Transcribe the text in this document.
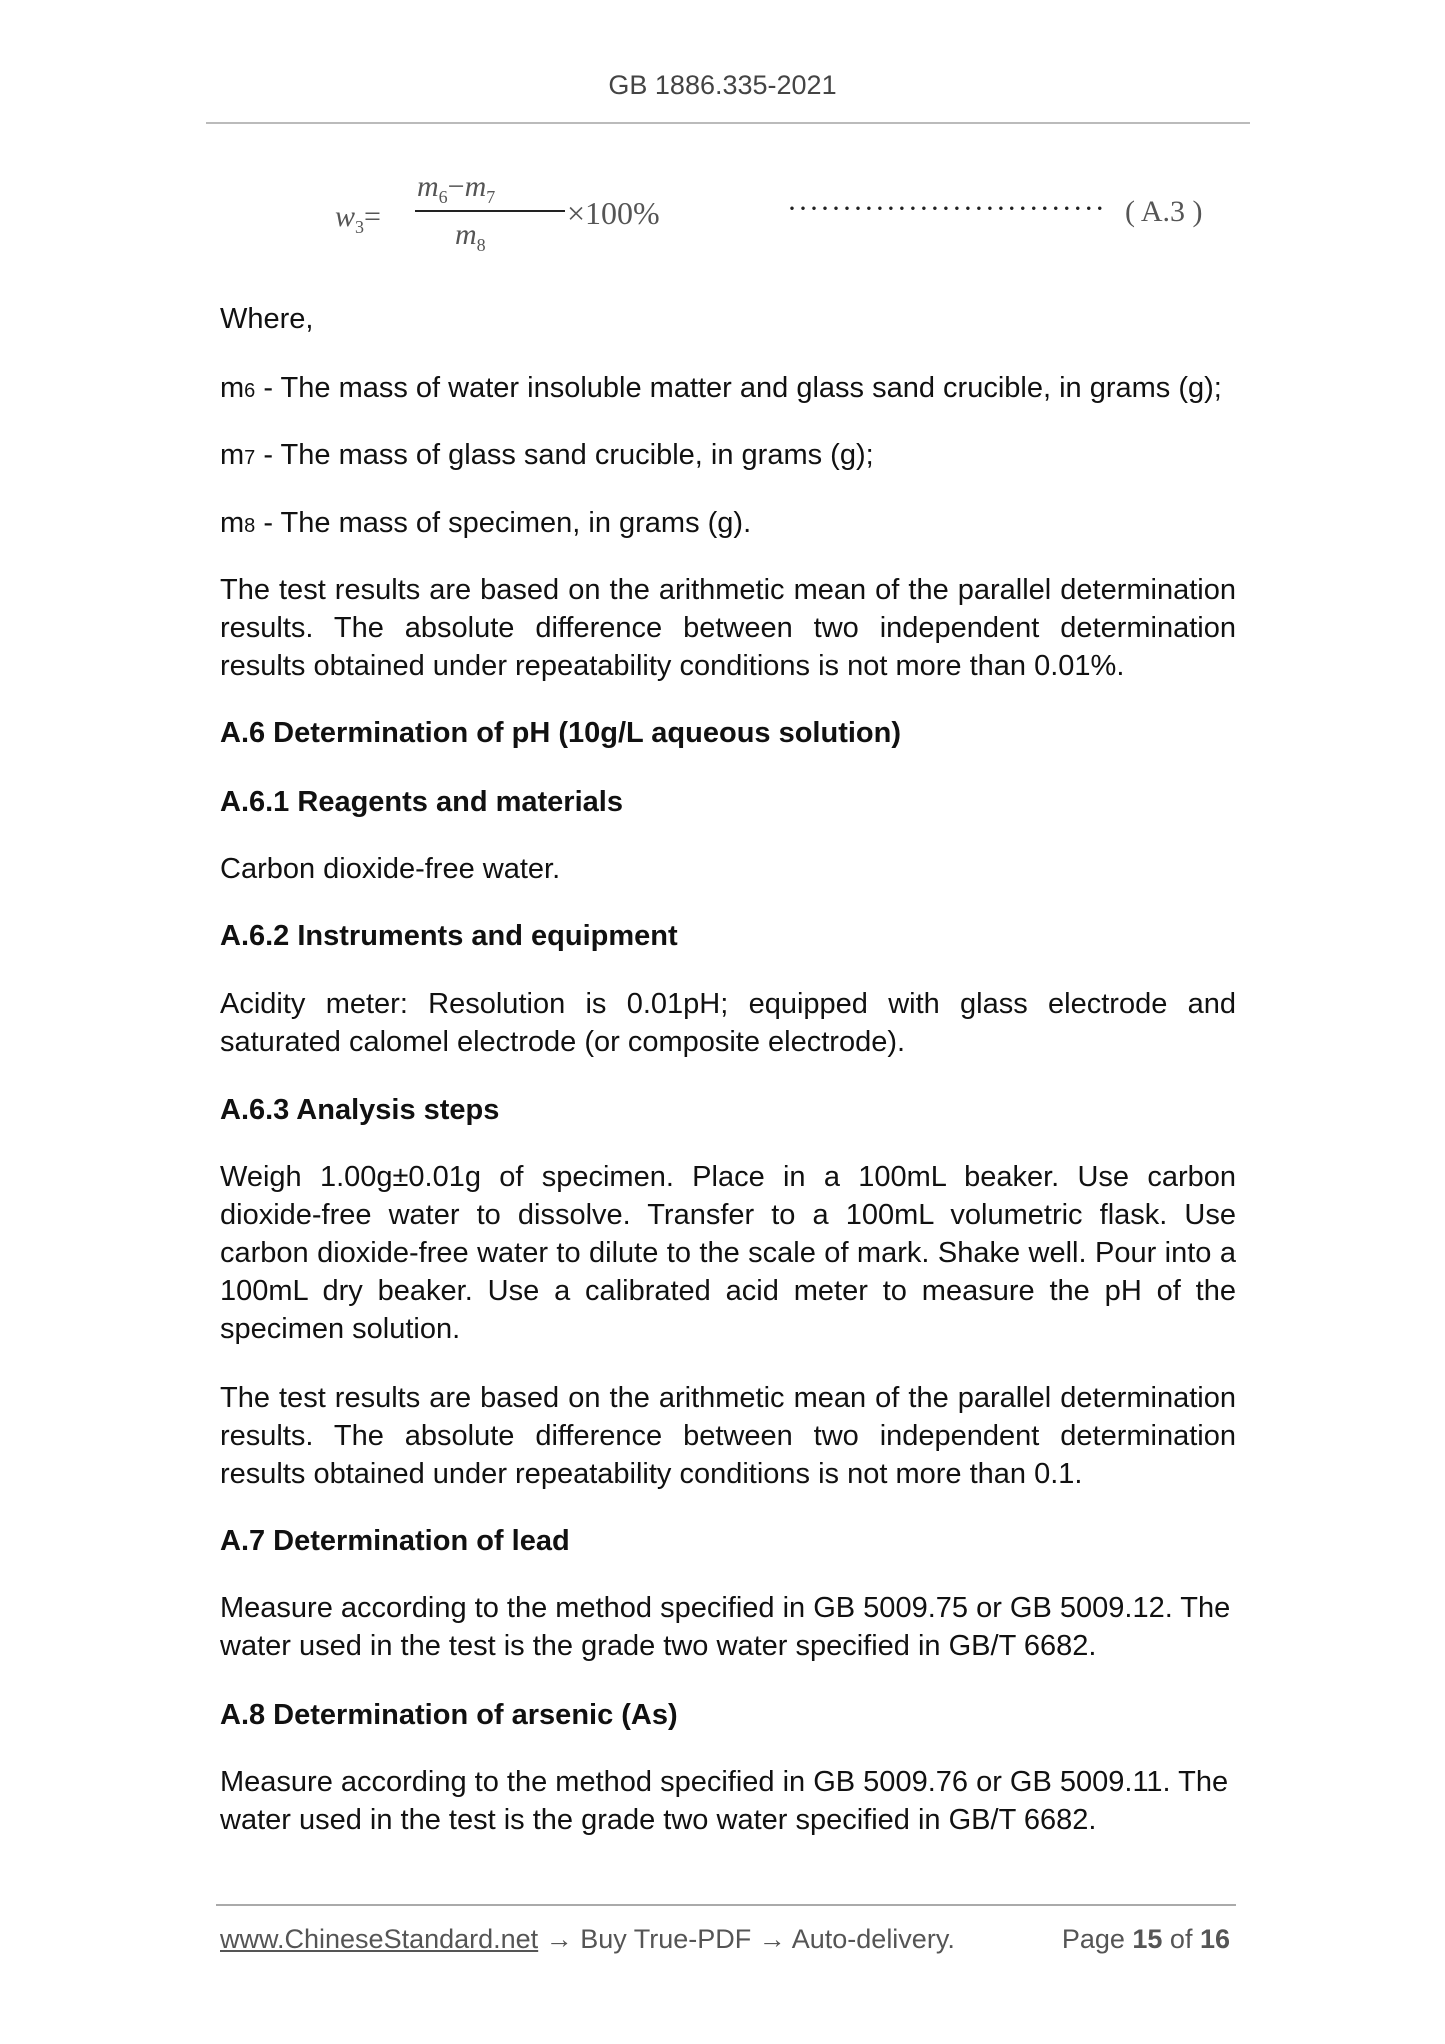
GB 1886.335-2021
$w_3=$
$m_6-m_7$
$m_8$
×100%	····························· ( A.3 )
Where,
m6 - The mass of water insoluble matter and glass sand crucible, in grams (g);
m7 - The mass of glass sand crucible, in grams (g);
m8 - The mass of specimen, in grams (g).
The test results are based on the arithmetic mean of the parallel determination results. The absolute difference between two independent determination results obtained under repeatability conditions is not more than 0.01%.
A.6 Determination of pH (10g/L aqueous solution)
A.6.1 Reagents and materials
Carbon dioxide-free water.
A.6.2 Instruments and equipment
Acidity meter: Resolution is 0.01pH; equipped with glass electrode and saturated calomel electrode (or composite electrode).
A.6.3 Analysis steps
Weigh 1.00g±0.01g of specimen. Place in a 100mL beaker. Use carbon dioxide-free water to dissolve. Transfer to a 100mL volumetric flask. Use carbon dioxide-free water to dilute to the scale of mark. Shake well. Pour into a 100mL dry beaker. Use a calibrated acid meter to measure the pH of the specimen solution.
The test results are based on the arithmetic mean of the parallel determination results. The absolute difference between two independent determination results obtained under repeatability conditions is not more than 0.1.
A.7 Determination of lead
Measure according to the method specified in GB 5009.75 or GB 5009.12. The water used in the test is the grade two water specified in GB/T 6682.
A.8 Determination of arsenic (As)
Measure according to the method specified in GB 5009.76 or GB 5009.11. The water used in the test is the grade two water specified in GB/T 6682.
www.ChineseStandard.net → Buy True-PDF → Auto-delivery.	Page 15 of 16
